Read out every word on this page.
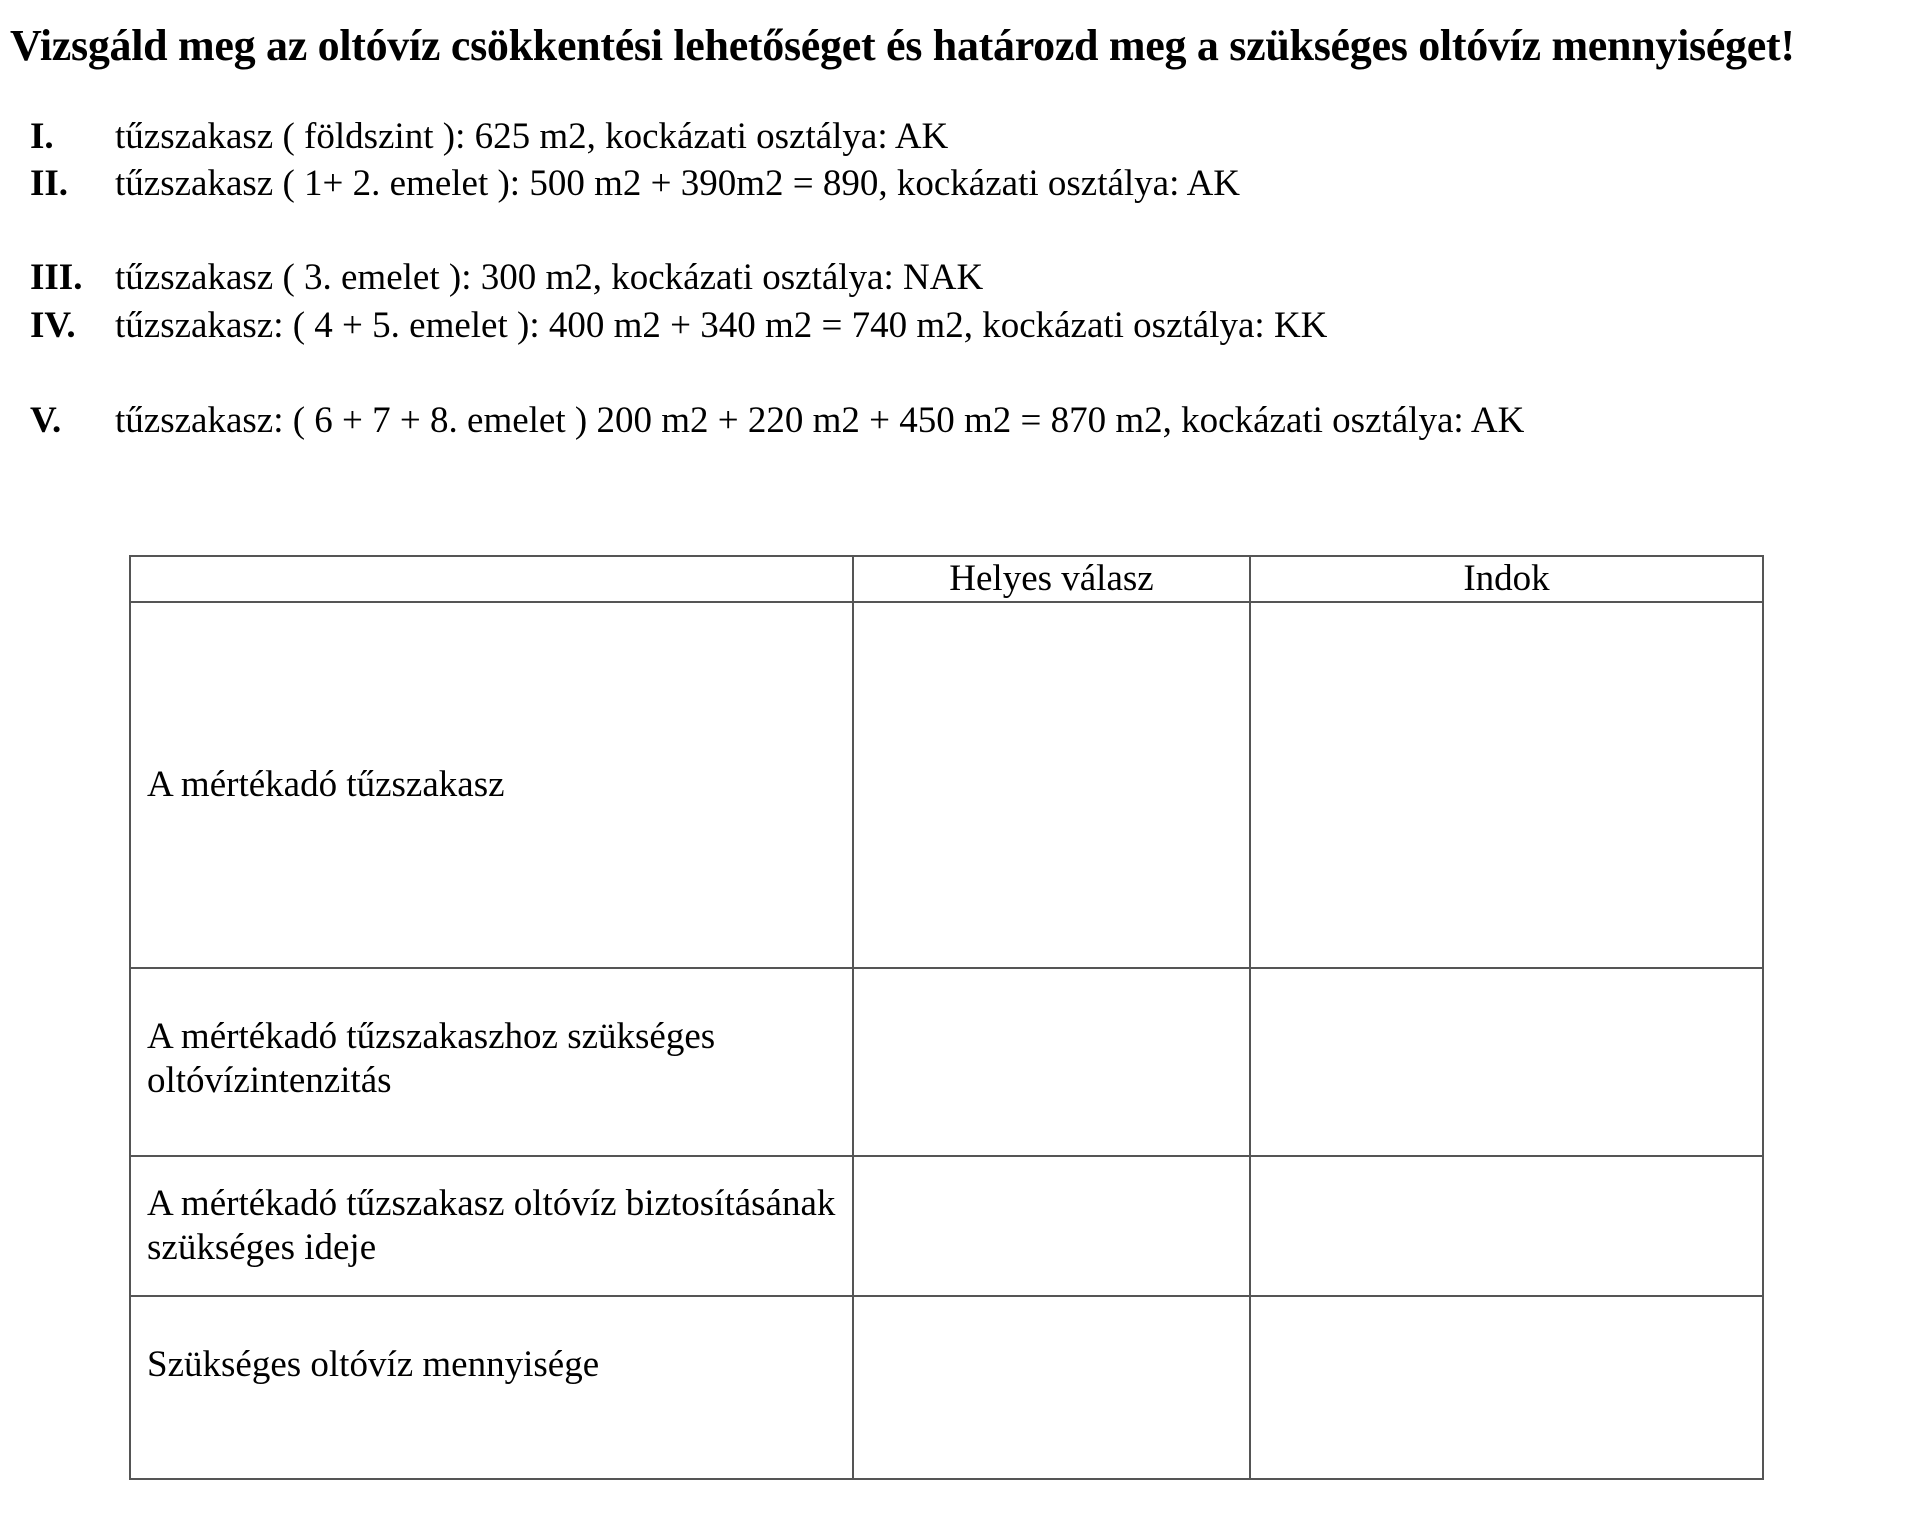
Vizsgáld meg az oltóvíz csökkentési lehetőséget és határozd meg a szükséges oltóvíz mennyiséget!
I. tűzszakasz ( földszint ): 625 m2, kockázati osztálya: AK
II. tűzszakasz ( 1+ 2. emelet ): 500 m2 + 390m2 = 890, kockázati osztálya: AK
III. tűzszakasz ( 3. emelet ): 300 m2, kockázati osztálya: NAK
IV. tűzszakasz: ( 4 + 5. emelet ): 400 m2 + 340 m2 = 740 m2, kockázati osztálya: KK
V. tűzszakasz: ( 6 + 7 + 8. emelet ) 200 m2 + 220 m2 + 450 m2 = 870 m2, kockázati osztálya: AK
	Helyes válasz	Indok
A mértékadó tűzszakasz		
A mértékadó tűzszakaszhoz szükséges oltóvízintenzitás		
A mértékadó tűzszakasz oltóvíz biztosításának szükséges ideje		
Szükséges oltóvíz mennyisége		
